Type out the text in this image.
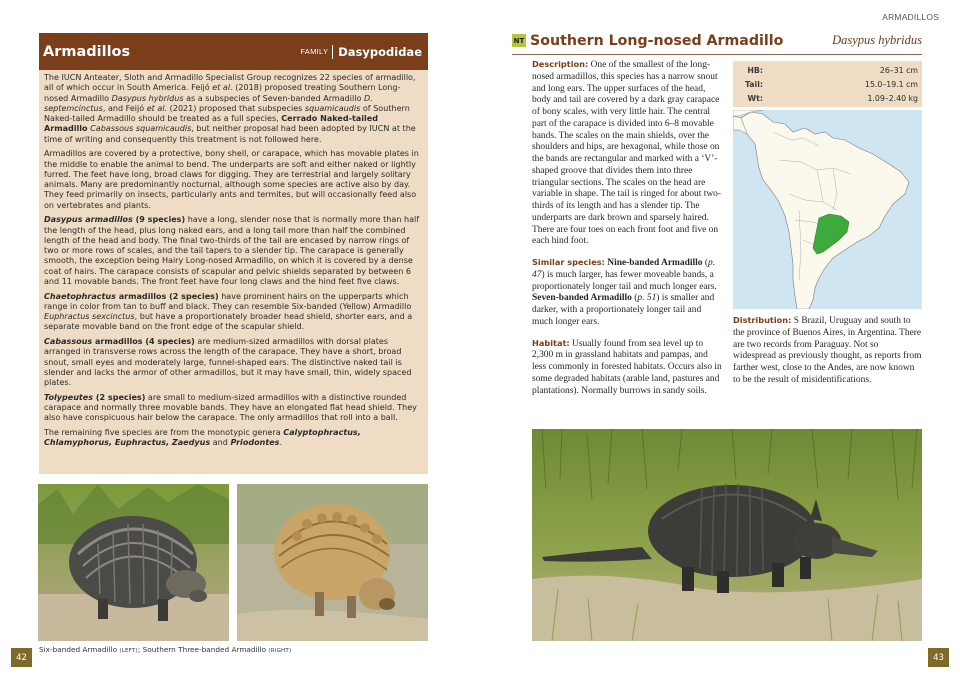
Armadillos	FAMILY Dasypodidae

The IUCN Anteater, Sloth and Armadillo Specialist Group recognizes 22 species of armadillo, all of which occur in South America. Feijó et al. (2018) proposed treating Southern Long-nosed Armadillo Dasypus hybridus as a subspecies of Seven-banded Armadillo D. septemcinctus, and Feijó et al. (2021) proposed that subspecies squamicaudis of Southern Naked-tailed Armadillo should be treated as a full species, Cerrado Naked-tailed Armadillo Cabassous squamicaudis, but neither proposal had been adopted by IUCN at the time of writing and consequently this treatment is not followed here.

Armadillos are covered by a protective, bony shell, or carapace, which has movable plates in the middle to enable the animal to bend. The underparts are soft and either naked or lightly furred. The feet have long, broad claws for digging. They are terrestrial and largely solitary animals. Many are predominantly nocturnal, although some species are active also by day. They feed primarily on insects, particularly ants and termites, but will occasionally feed also on vertebrates and plants.

Dasypus armadillos (9 species) have a long, slender nose that is normally more than half the length of the head, plus long naked ears, and a long tail more than half the combined length of the head and body. The final two-thirds of the tail are encased by narrow rings of two or more rows of scales, and the tail tapers to a slender tip. The carapace is generally smooth, the exception being Hairy Long-nosed Armadillo, on which it is covered by a dense coat of hairs. The carapace consists of scapular and pelvic shields separated by between 6 and 11 movable bands. The front feet have four long claws and the hind feet five claws.

Chaetophractus armadillos (2 species) have prominent hairs on the upperparts which range in color from tan to buff and black. They can resemble Six-banded (Yellow) Armadillo Euphractus sexcinctus, but have a proportionately broader head shield, shorter ears, and a separate movable band on the front edge of the scapular shield.

Cabassous armadillos (4 species) are medium-sized armadillos with dorsal plates arranged in transverse rows across the length of the carapace. They have a short, broad snout, small eyes and moderately large, funnel-shaped ears. The distinctive naked tail is slender and lacks the armor of other armadillos, but it may have small, thin, widely spaced plates.

Tolypeutes (2 species) are small to medium-sized armadillos with a distinctive rounded carapace and normally three movable bands. They have an elongated flat head shield. They also have conspicuous hair below the carapace. The only armadillos that roll into a ball.

The remaining five species are from the monotypic genera Calyptophractus, Chlamyphorus, Euphractus, Zaedyus and Priodontes.

Six-banded Armadillo (LEFT); Southern Three-banded Armadillo (RIGHT)
42
ARMADILLOS
NT Southern Long-nosed Armadillo	Dasypus hybridus

Description: One of the smallest of the long-nosed armadillos, this species has a narrow snout and long ears. The upper surfaces of the head, body and tail are covered by a dark gray carapace of bony scales, with very little hair. The central part of the carapace is divided into 6–8 movable bands. The scales on the main shields, over the shoulders and hips, are hexagonal, while those on the bands are rectangular and marked with a ‘V’-shaped groove that divides them into three triangular sections. The scales on the head are variable in shape. The tail is ringed for about two-thirds of its length and has a slender tip. The underparts are dark brown and sparsely haired. There are four toes on each front foot and five on each hind foot.

Similar species: Nine-banded Armadillo (p. 47) is much larger, has fewer moveable bands, a proportionately longer tail and much longer ears. Seven-banded Armadillo (p. 51) is smaller and darker, with a proportionately longer tail and much longer ears.

Habitat: Usually found from sea level up to 2,300 m in grassland habitats and pampas, and less commonly in forested habitats. Occurs also in some degraded habitats (arable land, pastures and plantations). Normally burrows in sandy soils.

HB:	26–31 cm
Tail:	15.0–19.1 cm
Wt:	1.09–2.40 kg
Distribution: S Brazil, Uruguay and south to the province of Buenos Aires, in Argentina. There are two records from Paraguay. Not so widespread as previously thought, as reports from farther west, close to the Andes, are now known to be the result of misidentifications.
43
